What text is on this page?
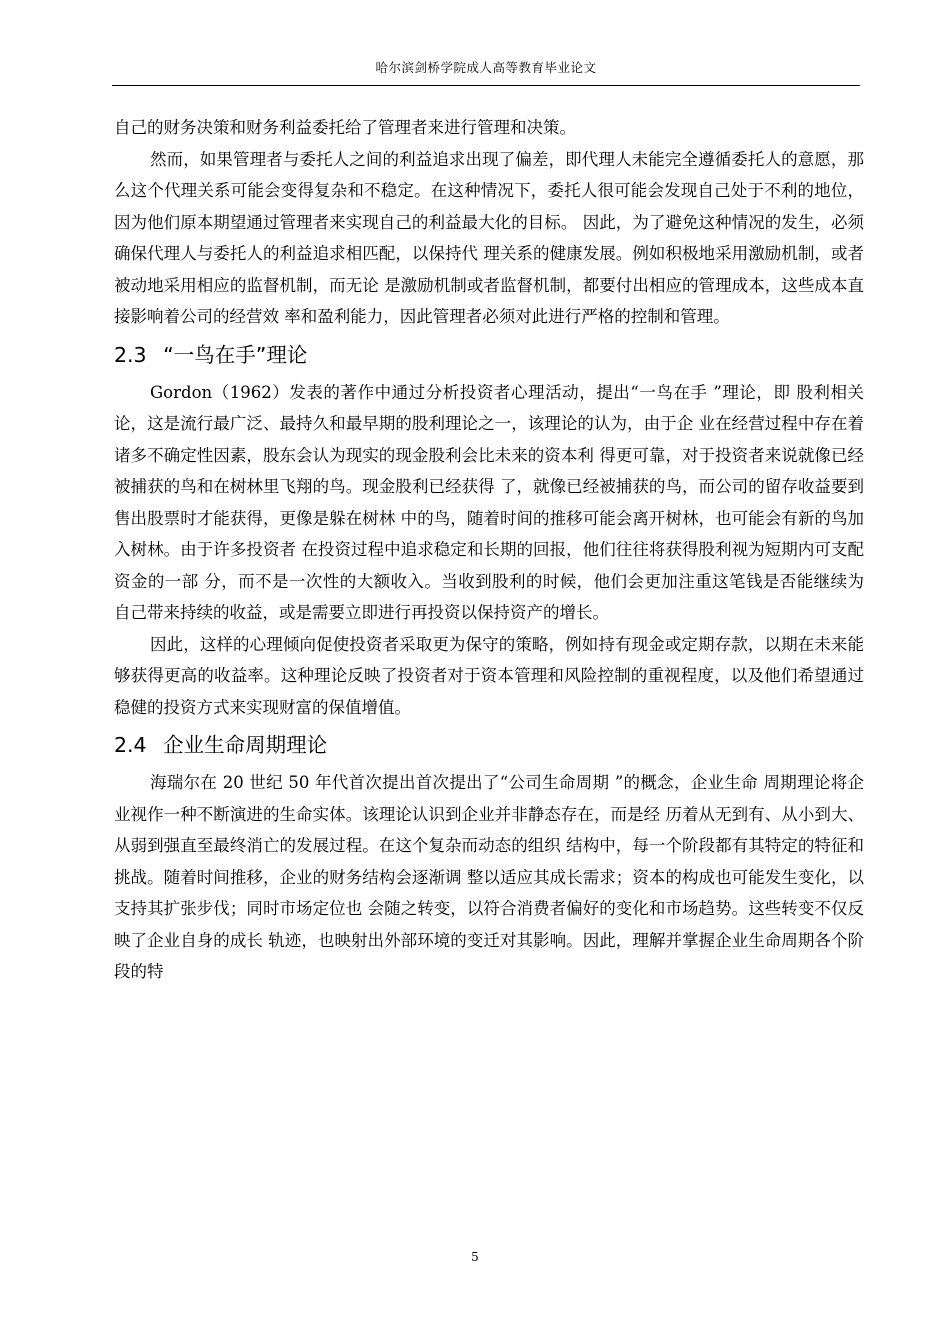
哈尔滨剑桥学院成人高等教育毕业论文

自己的财务决策和财务利益委托给了管理者来进行管理和决策。

然而，如果管理者与委托人之间的利益追求出现了偏差，即代理人未能完全遵循委托人的意愿，那么这个代理关系可能会变得复杂和不稳定。在这种情况下，委托人很可能会发现自己处于不利的地位，因为他们原本期望通过管理者来实现自己的利益最大化的目标。 因此，为了避免这种情况的发生，必须确保代理人与委托人的利益追求相匹配，以保持代 理关系的健康发展。例如积极地采用激励机制，或者被动地采用相应的监督机制，而无论 是激励机制或者监督机制，都要付出相应的管理成本，这些成本直接影响着公司的经营效 率和盈利能力，因此管理者必须对此进行严格的控制和管理。

2.3 “一鸟在手”理论

Gordon（1962）发表的著作中通过分析投资者心理活动，提出“一鸟在手 ”理论，即 股利相关论，这是流行最广泛、最持久和最早期的股利理论之一，该理论的认为，由于企 业在经营过程中存在着诸多不确定性因素，股东会认为现实的现金股利会比未来的资本利 得更可靠，对于投资者来说就像已经被捕获的鸟和在树林里飞翔的鸟。现金股利已经获得 了，就像已经被捕获的鸟，而公司的留存收益要到售出股票时才能获得，更像是躲在树林 中的鸟，随着时间的推移可能会离开树林，也可能会有新的鸟加入树林。由于许多投资者 在投资过程中追求稳定和长期的回报，他们往往将获得股利视为短期内可支配资金的一部 分，而不是一次性的大额收入。当收到股利的时候，他们会更加注重这笔钱是否能继续为 自己带来持续的收益，或是需要立即进行再投资以保持资产的增长。

因此，这样的心理倾向促使投资者采取更为保守的策略，例如持有现金或定期存款，以期在未来能够获得更高的收益率。这种理论反映了投资者对于资本管理和风险控制的重视程度，以及他们希望通过稳健的投资方式来实现财富的保值增值。

2.4 企业生命周期理论

海瑞尔在 20 世纪 50 年代首次提出首次提出了“公司生命周期 ”的概念，企业生命 周期理论将企业视作一种不断演进的生命实体。该理论认识到企业并非静态存在，而是经 历着从无到有、从小到大、从弱到强直至最终消亡的发展过程。在这个复杂而动态的组织 结构中，每一个阶段都有其特定的特征和挑战。随着时间推移，企业的财务结构会逐渐调 整以适应其成长需求；资本的构成也可能发生变化，以支持其扩张步伐；同时市场定位也 会随之转变，以符合消费者偏好的变化和市场趋势。这些转变不仅反映了企业自身的成长 轨迹，也映射出外部环境的变迁对其影响。因此，理解并掌握企业生命周期各个阶段的特

5
